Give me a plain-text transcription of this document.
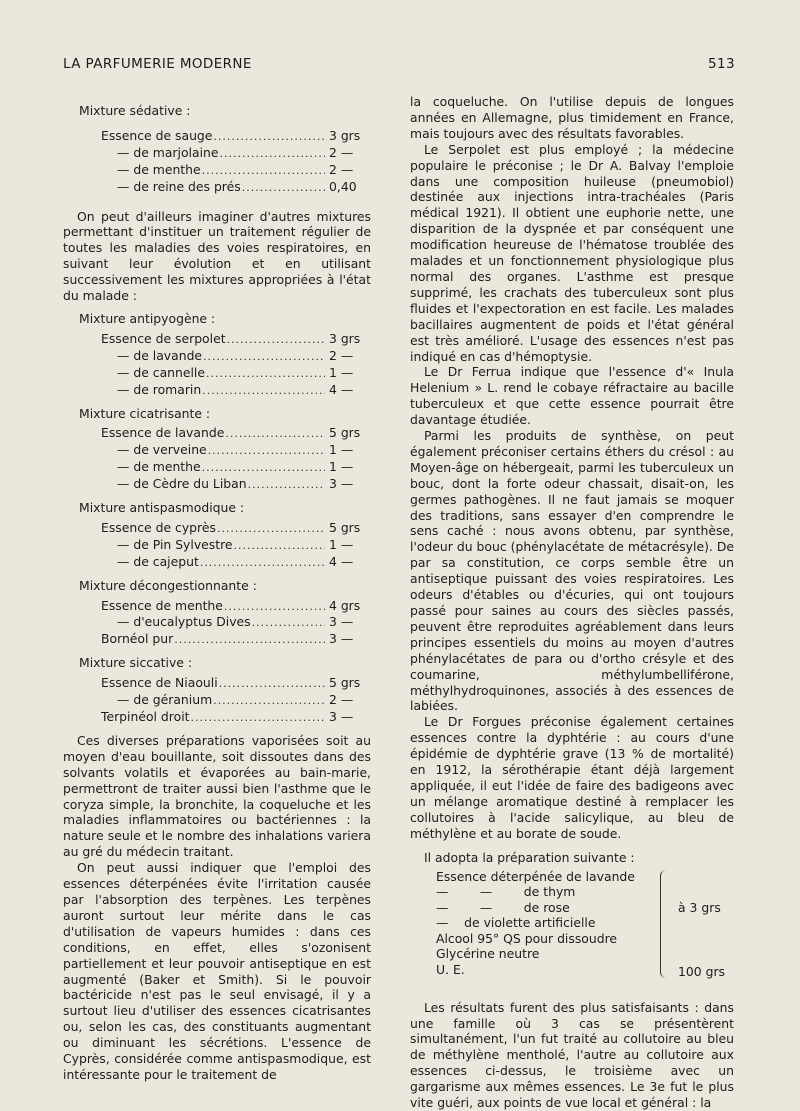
LA PARFUMERIE MODERNE	513

Mixture sédative :

Essence de sauge .....	3 grs
— de marjolaine .....	2 —
— de menthe .....	2 —
— de reine des prés .....	0,40

On peut d'ailleurs imaginer d'autres mixtures permettant d'instituer un traitement régulier de toutes les maladies des voies respiratoires, en suivant leur évolution et en utilisant successivement les mixtures appropriées à l'état du malade :

Mixture antipyogène :

Essence de serpolet .....	3 grs
— de lavande .....	2 —
— de cannelle .....	1 —
— de romarin .....	4 —

Mixture cicatrisante :

Essence de lavande .....	5 grs
— de verveine .....	1 —
— de menthe .....	1 —
— de Cèdre du Liban .....	3 —

Mixture antispasmodique :

Essence de cyprès .....	5 grs
— de Pin Sylvestre .....	1 —
— de cajeput .....	4 —

Mixture décongestionnante :

Essence de menthe .....	4 grs
— d'eucalyptus Dives .....	3 —
Bornéol pur .....	3 —

Mixture siccative :

Essence de Niaouli .....	5 grs
— de géranium .....	2 —
Terpinéol droit .....	3 —

Ces diverses préparations vaporisées soit au moyen d'eau bouillante, soit dissoutes dans des solvants volatils et évaporées au bain-marie, permettront de traiter aussi bien l'asthme que le coryza simple, la bronchite, la coqueluche et les maladies inflammatoires ou bactériennes : la nature seule et le nombre des inhalations variera au gré du médecin traitant.

On peut aussi indiquer que l'emploi des essences déterpénées évite l'irritation causée par l'absorption des terpènes. Les terpènes auront surtout leur mérite dans le cas d'utilisation de vapeurs humides : dans ces conditions, en effet, elles s'ozonisent partiellement et leur pouvoir antiseptique en est augmenté (Baker et Smith). Si le pouvoir bactéricide n'est pas le seul envisagé, il y a surtout lieu d'utiliser des essences cicatrisantes ou, selon les cas, des constituants augmentant ou diminuant les sécrétions. L'essence de Cyprès, considérée comme antispasmodique, est intéressante pour le traitement de

la coqueluche. On l'utilise depuis de longues années en Allemagne, plus timidement en France, mais toujours avec des résultats favorables.

Le Serpolet est plus employé ; la médecine populaire le préconise ; le Dr A. Balvay l'emploie dans une composition huileuse (pneumobiol) destinée aux injections intra-trachéales (Paris médical 1921). Il obtient une euphorie nette, une disparition de la dyspnée et par conséquent une modification heureuse de l'hématose troublée des malades et un fonctionnement physiologique plus normal des organes. L'asthme est presque supprimé, les crachats des tuberculeux sont plus fluides et l'expectoration en est facile. Les malades bacillaires augmentent de poids et l'état général est très amélioré. L'usage des essences n'est pas indiqué en cas d'hémoptysie.

Le Dr Ferrua indique que l'essence d'« Inula Helenium » L. rend le cobaye réfractaire au bacille tuberculeux et que cette essence pourrait être davantage étudiée.

Parmi les produits de synthèse, on peut également préconiser certains éthers du crésol : au Moyen-âge on hébergeait, parmi les tuberculeux un bouc, dont la forte odeur chassait, disait-on, les germes pathogènes. Il ne faut jamais se moquer des traditions, sans essayer d'en comprendre le sens caché : nous avons obtenu, par synthèse, l'odeur du bouc (phénylacétate de métacrésyle). De par sa constitution, ce corps semble être un antiseptique puissant des voies respiratoires. Les odeurs d'étables ou d'écuries, qui ont toujours passé pour saines au cours des siècles passés, peuvent être reproduites agréablement dans leurs principes essentiels du moins au moyen d'autres phénylacétates de para ou d'ortho crésyle et des coumarine, méthylumbelliférone, méthylhydroquinones, associés à des essences de labiées.

Le Dr Forgues préconise également certaines essences contre la dyphtérie : au cours d'une épidémie de dyphtérie grave (13 % de mortalité) en 1912, la sérothérapie étant déjà largement appliquée, il eut l'idée de faire des badigeons avec un mélange aromatique destiné à remplacer les collutoires à l'acide salicylique, au bleu de méthylène et au borate de soude.

Il adopta la préparation suivante :
Essence déterpénée de lavande
—        —        de thym
—        —        de rose
—    de violette artificielle
Alcool 95° QS pour dissoudre
Glycérine neutre
U. E.
à 3 grs
100 grs

Les résultats furent des plus satisfaisants : dans une famille où 3 cas se présentèrent simultanément, l'un fut traité au collutoire au bleu de méthylène mentholé, l'autre au collutoire aux essences ci-dessus, le troisième avec un gargarisme aux mêmes essences. Le 3e fut le plus vite guéri, aux points de vue local et général : la
